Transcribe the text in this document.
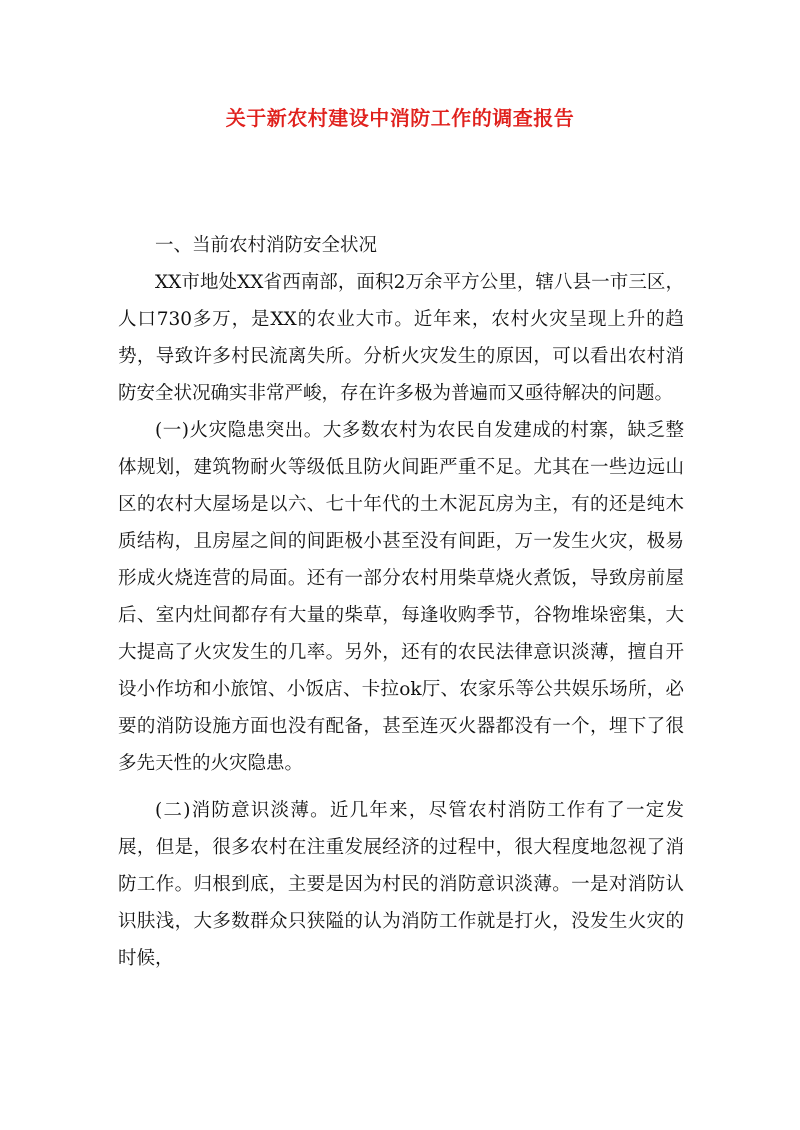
关于新农村建设中消防工作的调查报告

一、当前农村消防安全状况

XX市地处XX省西南部，面积2万余平方公里，辖八县一市三区，人口730多万，是XX的农业大市。近年来，农村火灾呈现上升的趋势，导致许多村民流离失所。分析火灾发生的原因，可以看出农村消防安全状况确实非常严峻，存在许多极为普遍而又亟待解决的问题。

(一)火灾隐患突出。大多数农村为农民自发建成的村寨，缺乏整体规划，建筑物耐火等级低且防火间距严重不足。尤其在一些边远山区的农村大屋场是以六、七十年代的土木泥瓦房为主，有的还是纯木质结构，且房屋之间的间距极小甚至没有间距，万一发生火灾，极易形成火烧连营的局面。还有一部分农村用柴草烧火煮饭，导致房前屋后、室内灶间都存有大量的柴草，每逢收购季节，谷物堆垛密集，大大提高了火灾发生的几率。另外，还有的农民法律意识淡薄，擅自开设小作坊和小旅馆、小饭店、卡拉ok厅、农家乐等公共娱乐场所，必要的消防设施方面也没有配备，甚至连灭火器都没有一个，埋下了很多先天性的火灾隐患。

(二)消防意识淡薄。近几年来，尽管农村消防工作有了一定发展，但是，很多农村在注重发展经济的过程中，很大程度地忽视了消防工作。归根到底，主要是因为村民的消防意识淡薄。一是对消防认识肤浅，大多数群众只狭隘的认为消防工作就是打火，没发生火灾的时候，
